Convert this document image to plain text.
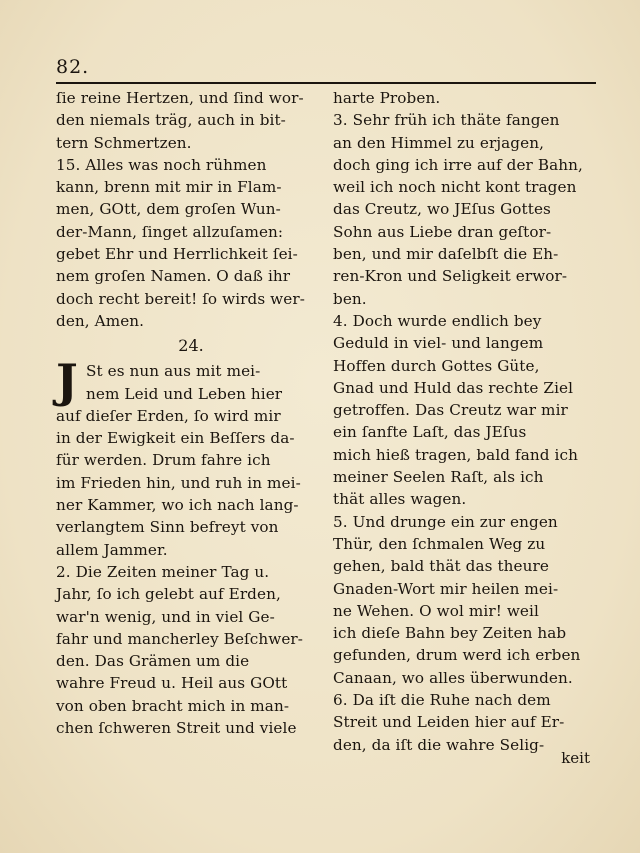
82.
ſie reine Hertzen, und ſind wor-
den niemals träg, auch in bit-
tern Schmertzen.
15. Alles was noch rühmen
kann, brenn mit mir in Flam-
men, GOtt, dem groſen Wun-
der-Mann, ſinget allzuſamen:
gebet Ehr und Herrlichkeit ſei-
nem groſen Namen. O daß ihr
doch recht bereit! ſo wirds wer-
den, Amen.
24.
J St es nun aus mit mei-
nem Leid und Leben hier
auf dieſer Erden, ſo wird mir
in der Ewigkeit ein Beſſers da-
für werden. Drum fahre ich
im Frieden hin, und ruh in mei-
ner Kammer, wo ich nach lang-
verlangtem Sinn befreyt von
allem Jammer.
2. Die Zeiten meiner Tag u.
Jahr, ſo ich gelebt auf Erden,
war'n wenig, und in viel Ge-
fahr und mancherley Beſchwer-
den. Das Grämen um die
wahre Freud u. Heil aus GOtt
von oben bracht mich in man-
chen ſchweren Streit und viele
harte Proben.
3. Sehr früh ich thäte fangen
an den Himmel zu erjagen,
doch ging ich irre auf der Bahn,
weil ich noch nicht kont tragen
das Creutz, wo JEſus Gottes
Sohn aus Liebe dran geſtor-
ben, und mir daſelbſt die Eh-
ren-Kron und Seligkeit erwor-
ben.
4. Doch wurde endlich bey
Geduld in viel- und langem
Hoffen durch Gottes Güte,
Gnad und Huld das rechte Ziel
getroffen. Das Creutz war mir
ein ſanfte Laſt, das JEſus
mich hieß tragen, bald fand ich
meiner Seelen Raſt, als ich
thät alles wagen.
5. Und drunge ein zur engen
Thür, den ſchmalen Weg zu
gehen, bald thät das theure
Gnaden-Wort mir heilen mei-
ne Wehen. O wol mir! weil
ich dieſe Bahn bey Zeiten hab
gefunden, drum werd ich erben
Canaan, wo alles überwunden.
6. Da iſt die Ruhe nach dem
Streit und Leiden hier auf Er-
den, da iſt die wahre Selig-
keit
